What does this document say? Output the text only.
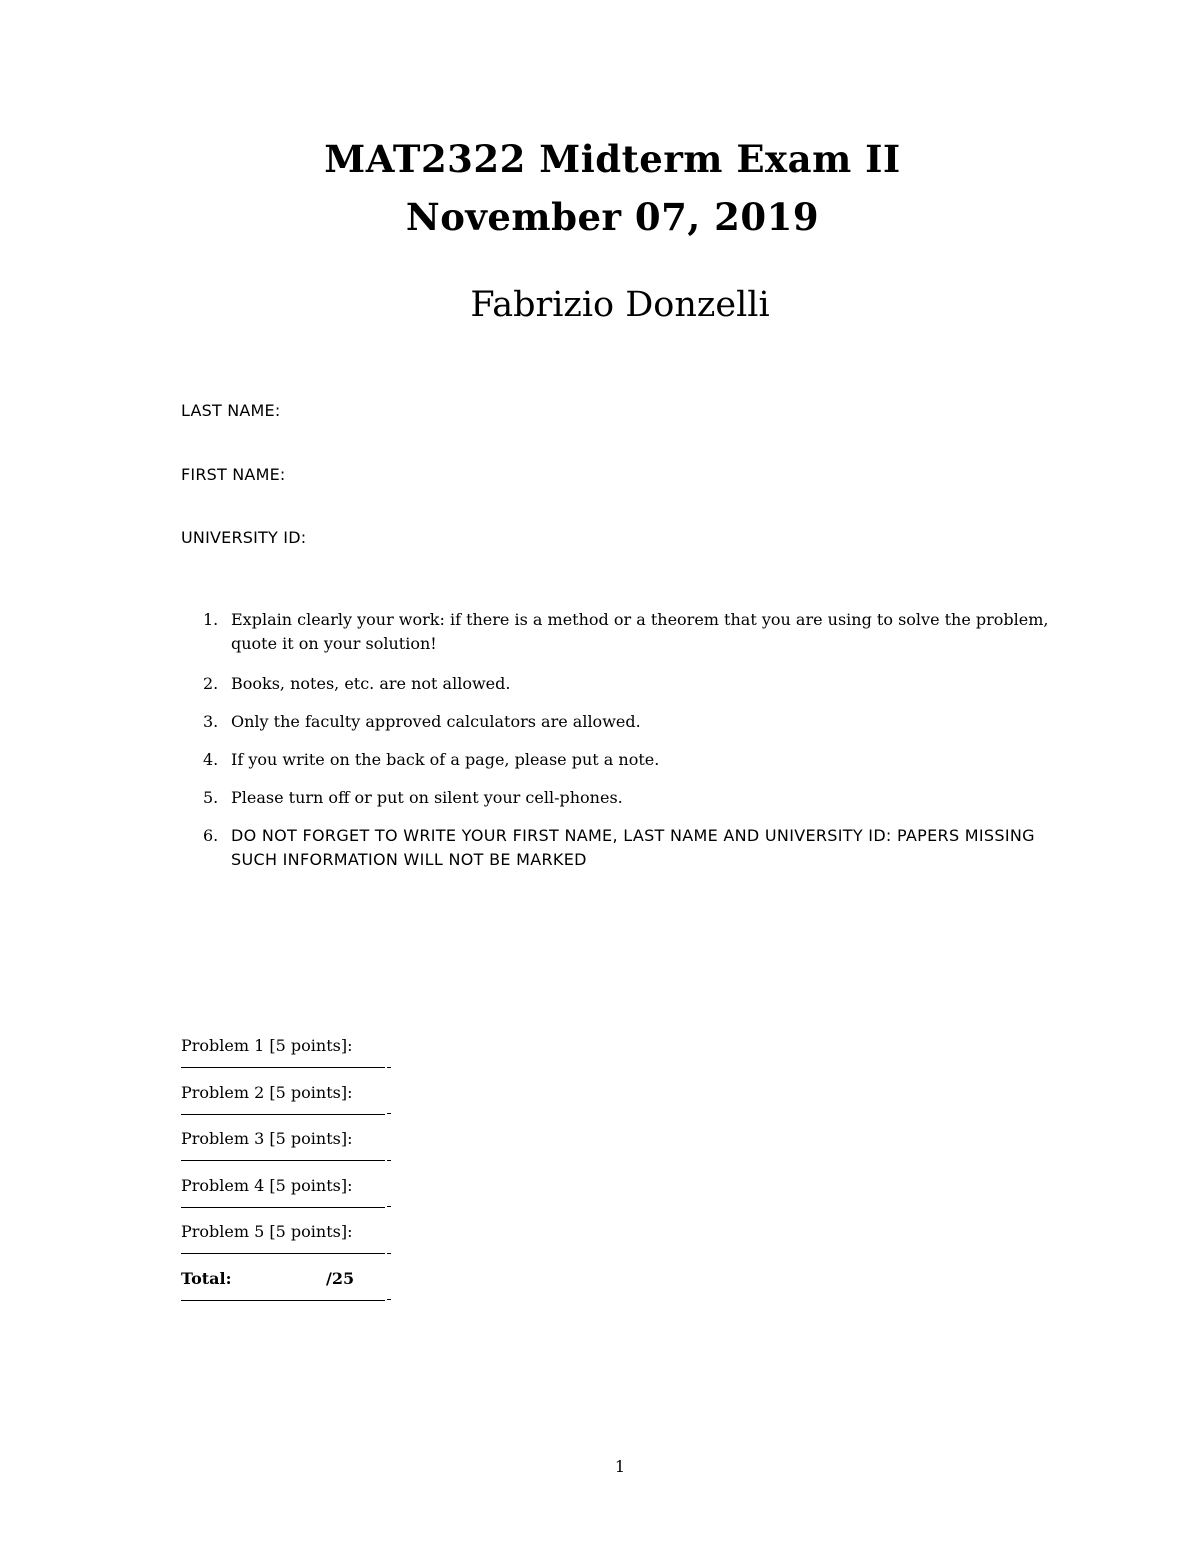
MAT2322 Midterm Exam II

November 07, 2019

Fabrizio Donzelli

LAST NAME:
FIRST NAME:
UNIVERSITY ID:
1. Explain clearly your work: if there is a method or a theorem that you are using to solve the problem, quote it on your solution!
2. Books, notes, etc. are not allowed.
3. Only the faculty approved calculators are allowed.
4. If you write on the back of a page, please put a note.
5. Please turn off or put on silent your cell-phones.
6. DO NOT FORGET TO WRITE YOUR FIRST NAME, LAST NAME AND UNIVERSITY ID: PAPERS MISSING SUCH INFORMATION WILL NOT BE MARKED
Problem 1 [5 points]:
Problem 2 [5 points]:
Problem 3 [5 points]:
Problem 4 [5 points]:
Problem 5 [5 points]:
Total:	/25
1
